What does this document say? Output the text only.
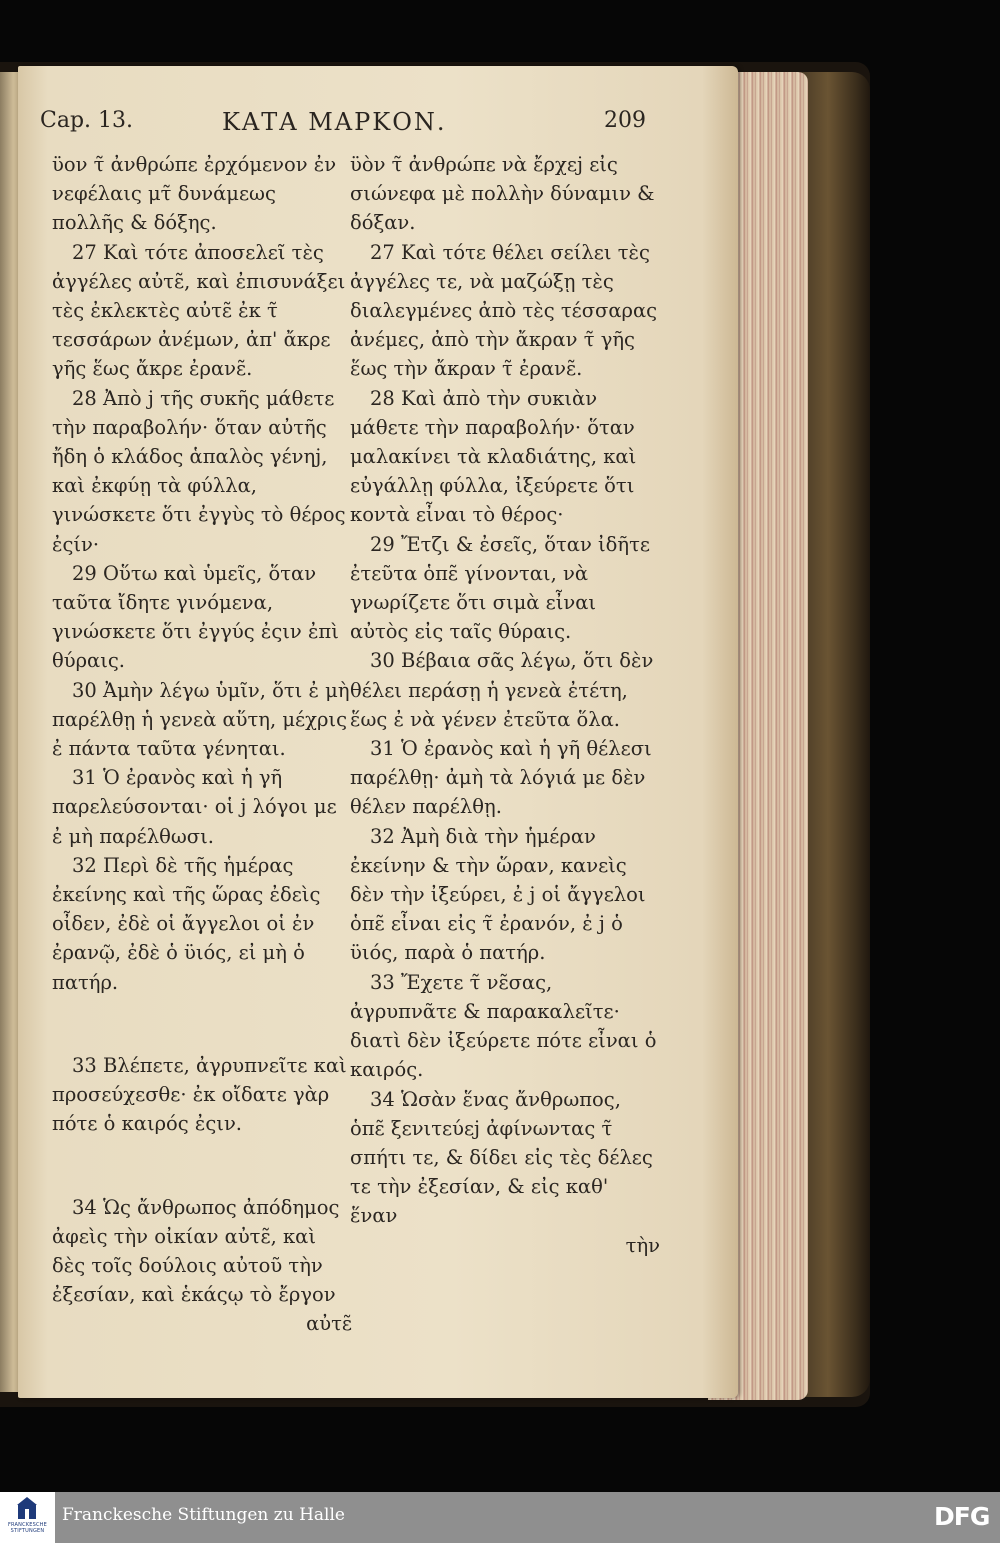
Cap. 13.	ΚΑΤΑ ΜΑΡΚΟΝ.	209

ϋον τ̃ ἀνθρώπε ἐρχόμενον ἐν νεφέλαις μτ̃ δυνάμεως πολλῆς & δόξης.

27 Καὶ τότε ἀποσελεῖ τὲς ἀγγέλες αὐτε̃, καὶ ἐπισυνάξει τὲς ἐκλεκτὲς αὐτε̃ ἐκ τ̃ τεσσάρων ἀνέμων, ἀπ' ἄκρε γῆς ἕως ἄκρε ἐρανε̃.

28 Ἀπὸ ϳ τῆς συκῆς μάθετε τὴν παραβολήν· ὅταν αὐτῆς ἤδη ὁ κλάδος ἁπαλὸς γένηϳ, καὶ ἐκφύῃ τὰ φύλλα, γινώσκετε ὅτι ἐγγὺς τὸ θέρος ἐςίν·

29 Οὕτω καὶ ὑμεῖς, ὅταν ταῦτα ἴδητε γινόμενα, γινώσκετε ὅτι ἐγγύς ἐςιν ἐπὶ θύραις.

30 Ἀμὴν λέγω ὑμῖν, ὅτι ἐ μὴ παρέλθῃ ἡ γενεὰ αὕτη, μέχρις ἐ πάντα ταῦτα γένηται.

31 Ὁ ἐρανὸς καὶ ἡ γῆ παρελεύσονται· οἱ ϳ λόγοι με ἐ μὴ παρέλθωσι.

32 Περὶ δὲ τῆς ἡμέρας ἐκείνης καὶ τῆς ὥρας ἐδεὶς οἶδεν, ἐδὲ οἱ ἄγγελοι οἱ ἐν ἐρανῷ, ἐδὲ ὁ ϋιός, εἰ μὴ ὁ πατήρ.

33 Βλέπετε, ἀγρυπνεῖτε καὶ προσεύχεσθε· ἐκ οἴδατε γὰρ πότε ὁ καιρός ἐςιν.

34 Ὡς ἄνθρωπος ἀπόδημος ἀφεὶς τὴν οἰκίαν αὐτε̃, καὶ δὲς τοῖς δούλοις αὐτοῦ τὴν ἐξεσίαν, καὶ ἑκάςῳ τὸ ἔργον

αὐτε̃

ϋὸν τ̃ ἀνθρώπε νὰ ἔρχεϳ εἰς σιώνεφα μὲ πολλὴν δύναμιν & δόξαν.

27 Καὶ τότε θέλει σείλει τὲς ἀγγέλες τε, νὰ μαζώξῃ τὲς διαλεγμένες ἀπὸ τὲς τέσσαρας ἀνέμες, ἀπὸ τὴν ἄκραν τ̃ γῆς ἕως τὴν ἄκραν τ̃ ἐρανε̃.

28 Καὶ ἀπὸ τὴν συκιὰν μάθετε τὴν παραβολήν· ὅταν μαλακίνει τὰ κλαδιάτης, καὶ εὐγάλλῃ φύλλα, ἰξεύρετε ὅτι κοντὰ εἶναι τὸ θέρος·

29 Ἔτζι & ἐσεῖς, ὅταν ἰδῆτε ἐτεῦτα ὁπε̃ γίνονται, νὰ γνωρίζετε ὅτι σιμὰ εἶναι αὐτὸς εἰς ταῖς θύραις.

30 Βέβαια σᾶς λέγω, ὅτι δὲν θέλει περάσῃ ἡ γενεὰ ἐτέτη, ἕως ἐ νὰ γένεν ἐτεῦτα ὅλα.

31 Ὁ ἐρανὸς καὶ ἡ γῆ θέλεσι παρέλθῃ· ἀμὴ τὰ λόγιά με δὲν θέλεν παρέλθῃ.

32 Ἀμὴ διὰ τὴν ἡμέραν ἐκείνην & τὴν ὥραν, κανεὶς δὲν τὴν ἰξεύρει, ἐ ϳ οἱ ἄγγελοι ὁπε̃ εἶναι εἰς τ̃ ἐρανόν, ἐ ϳ ὁ ϋιός, παρὰ ὁ πατήρ.

33 Ἔχετε τ̃ νε̃σας, ἀγρυπνᾶτε & παρακαλεῖτε· διατὶ δὲν ἰξεύρετε πότε εἶναι ὁ καιρός.

34 Ὡσὰν ἕνας ἄνθρωπος, ὁπε̃ ξενιτεύεϳ ἀφίνωντας τ̃ σπήτι τε, & δίδει εἰς τὲς δέλες τε τὴν ἐξεσίαν, & εἰς καθ' ἕναν

τὴν

FRANCKESCHE
STIFTUNGEN
Franckesche Stiftungen zu Halle	DFG
